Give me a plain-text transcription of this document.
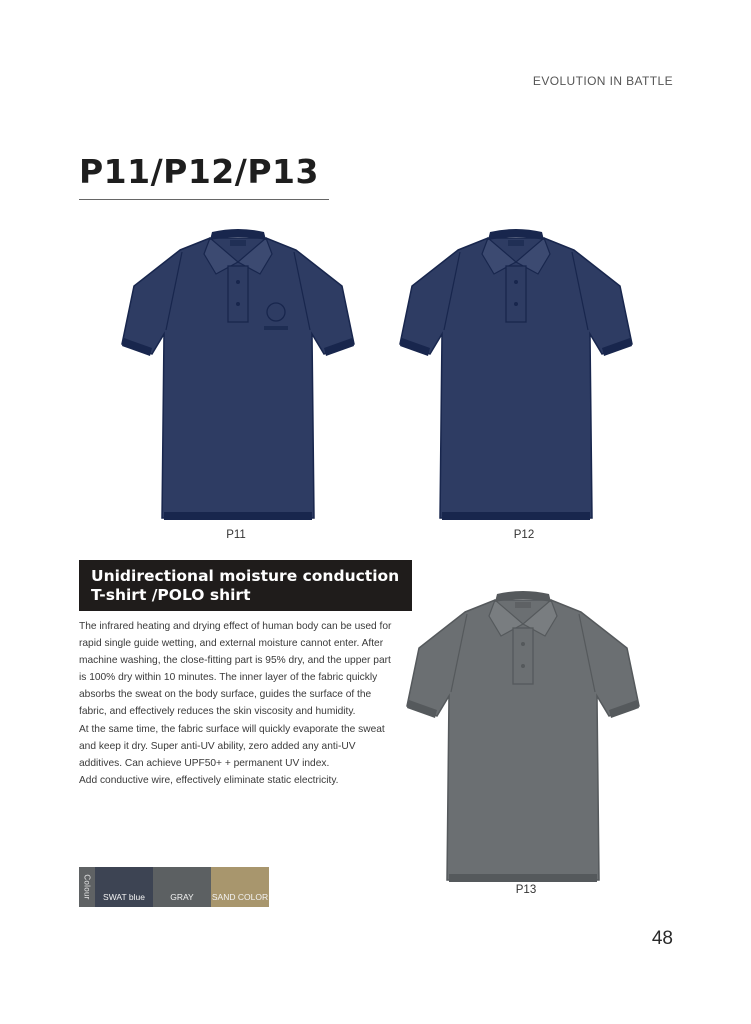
EVOLUTION IN BATTLE
P11/P12/P13
P11	P12
P13
Unidirectional moisture conduction
T-shirt /POLO shirt

The infrared heating and drying effect of human body can be used for rapid single guide wetting, and external moisture cannot enter. After machine washing, the close-fitting part is 95% dry, and the upper part is 100% dry within 10 minutes. The inner layer of the fabric quickly absorbs the sweat on the body surface, guides the surface of the fabric, and effectively reduces the skin viscosity and humidity.

At the same time, the fabric surface will quickly evaporate the sweat and keep it dry. Super anti-UV ability, zero added any anti-UV additives. Can achieve UPF50+ + permanent UV index.

Add conductive wire, effectively eliminate static electricity.

Colour SWAT blue	GRAY SAND COLOR
48
